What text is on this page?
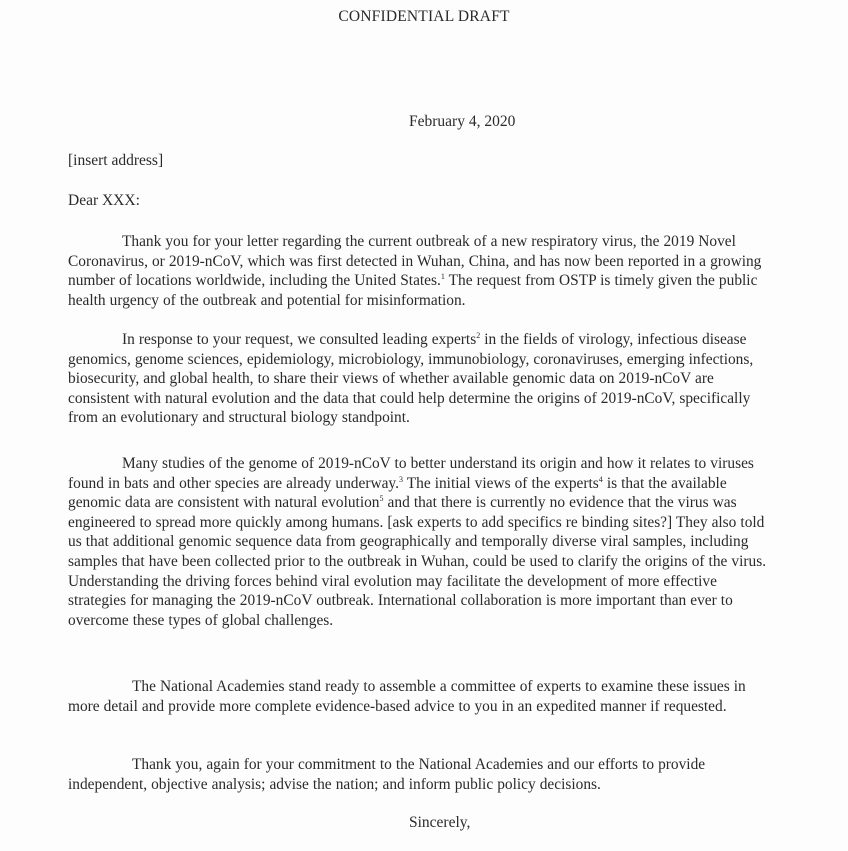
CONFIDENTIAL DRAFT
February 4, 2020
[insert address]
Dear XXX:

Thank you for your letter regarding the current outbreak of a new respiratory virus, the 2019 Novel Coronavirus, or 2019-nCoV, which was first detected in Wuhan, China, and has now been reported in a growing number of locations worldwide, including the United States.$^1$ The request from OSTP is timely given the public health urgency of the outbreak and potential for misinformation.

In response to your request, we consulted leading experts$^2$ in the fields of virology, infectious disease genomics, genome sciences, epidemiology, microbiology, immunobiology, coronaviruses, emerging infections, biosecurity, and global health, to share their views of whether available genomic data on 2019-nCoV are consistent with natural evolution and the data that could help determine the origins of 2019-nCoV, specifically from an evolutionary and structural biology standpoint.

Many studies of the genome of 2019-nCoV to better understand its origin and how it relates to viruses found in bats and other species are already underway.$^3$ The initial views of the experts$^4$ is that the available genomic data are consistent with natural evolution$^5$ and that there is currently no evidence that the virus was engineered to spread more quickly among humans. [ask experts to add specifics re binding sites?] They also told us that additional genomic sequence data from geographically and temporally diverse viral samples, including samples that have been collected prior to the outbreak in Wuhan, could be used to clarify the origins of the virus. Understanding the driving forces behind viral evolution may facilitate the development of more effective strategies for managing the 2019-nCoV outbreak. International collaboration is more important than ever to overcome these types of global challenges.

The National Academies stand ready to assemble a committee of experts to examine these issues in more detail and provide more complete evidence-based advice to you in an expedited manner if requested.

Thank you, again for your commitment to the National Academies and our efforts to provide independent, objective analysis; advise the nation; and inform public policy decisions.

Sincerely,
